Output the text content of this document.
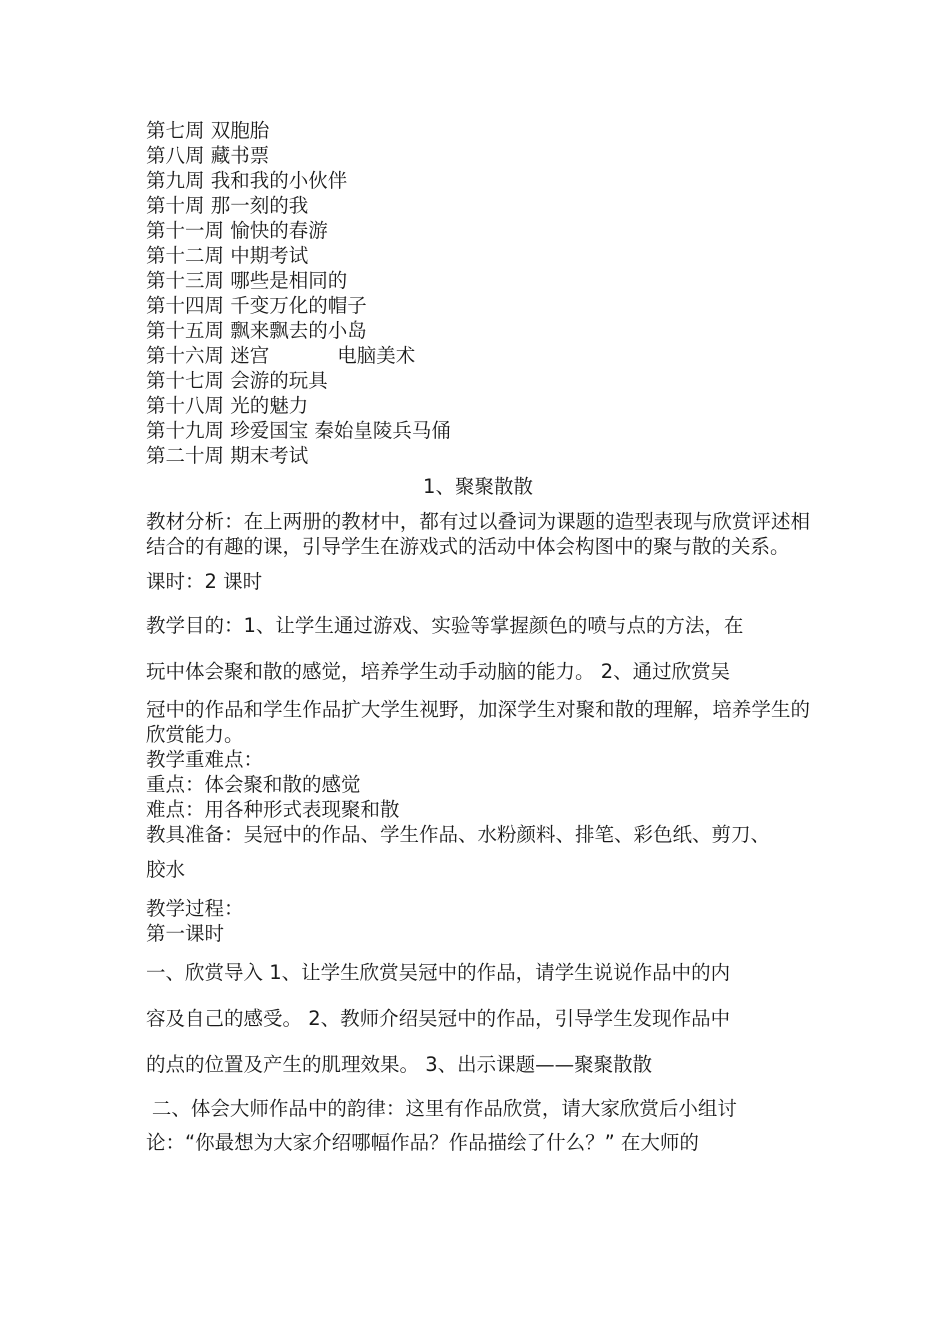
第七周 双胞胎
第八周 藏书票
第九周 我和我的小伙伴
第十周 那一刻的我
第十一周 愉快的春游
第十二周 中期考试
第十三周 哪些是相同的
第十四周 千变万化的帽子
第十五周 飘来飘去的小岛
第十六周 迷宫	电脑美术
第十七周 会游的玩具
第十八周 光的魅力
第十九周 珍爱国宝 秦始皇陵兵马俑
第二十周 期末考试
1、聚聚散散

教材分析：在上两册的教材中，都有过以叠词为课题的造型表现与欣赏评述相结合的有趣的课，引导学生在游戏式的活动中体会构图中的聚与散的关系。

课时：2 课时
教学目的：1、让学生通过游戏、实验等掌握颜色的喷与点的方法，在
玩中体会聚和散的感觉，培养学生动手动脑的能力。 2、通过欣赏吴

冠中的作品和学生作品扩大学生视野，加深学生对聚和散的理解，培养学生的欣赏能力。

教学重难点：
重点：体会聚和散的感觉
难点：用各种形式表现聚和散
教具准备：吴冠中的作品、学生作品、水粉颜料、排笔、彩色纸、剪刀、
胶水
教学过程：
第一课时
一、欣赏导入 1、让学生欣赏吴冠中的作品，请学生说说作品中的内
容及自己的感受。 2、教师介绍吴冠中的作品，引导学生发现作品中
的点的位置及产生的肌理效果。 3、出示课题——聚聚散散
二、体会大师作品中的韵律：这里有作品欣赏，请大家欣赏后小组讨
论：“你最想为大家介绍哪幅作品？作品描绘了什么？” 在大师的
